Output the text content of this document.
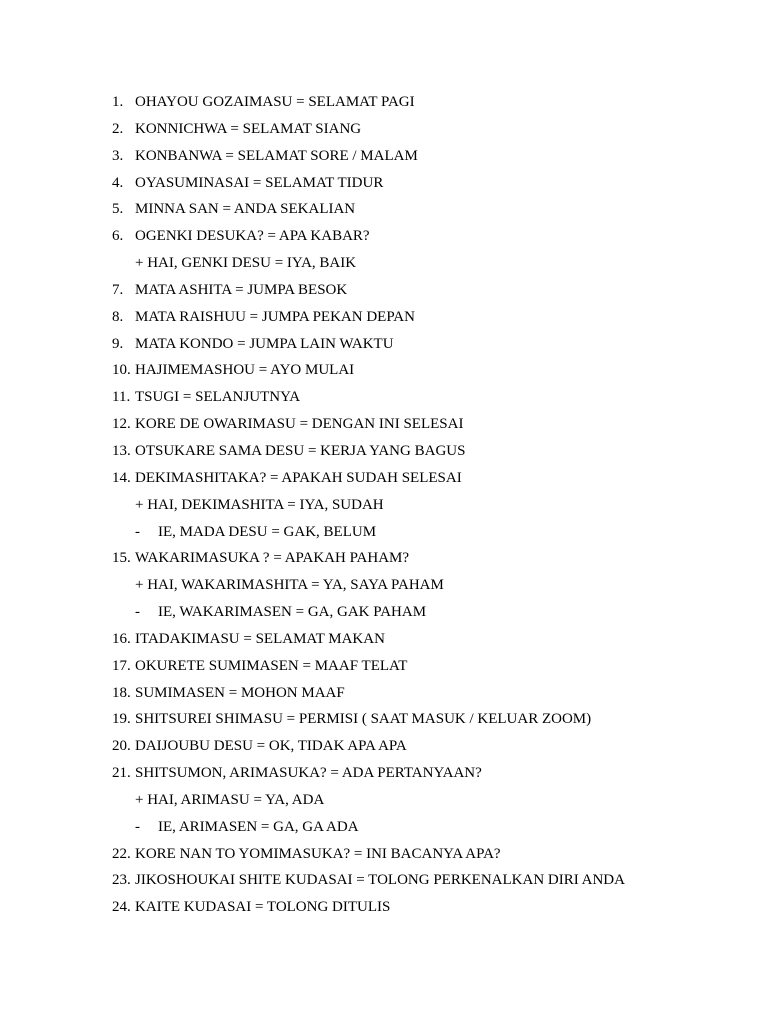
1. OHAYOU GOZAIMASU = SELAMAT PAGI
2. KONNICHWA = SELAMAT SIANG
3. KONBANWA = SELAMAT SORE / MALAM
4. OYASUMINASAI = SELAMAT TIDUR
5. MINNA SAN = ANDA SEKALIAN
6. OGENKI DESUKA? = APA KABAR?
+ HAI, GENKI DESU = IYA, BAIK
7. MATA ASHITA = JUMPA BESOK
8. MATA RAISHUU = JUMPA PEKAN DEPAN
9. MATA KONDO = JUMPA LAIN WAKTU
10. HAJIMEMASHOU = AYO MULAI
11. TSUGI = SELANJUTNYA
12. KORE DE OWARIMASU = DENGAN INI SELESAI
13. OTSUKARE SAMA DESU = KERJA YANG BAGUS
14. DEKIMASHITAKA? = APAKAH SUDAH SELESAI
+ HAI, DEKIMASHITA = IYA, SUDAH
- IE, MADA DESU = GAK, BELUM
15. WAKARIMASUKA ? = APAKAH PAHAM?
+ HAI, WAKARIMASHITA = YA, SAYA PAHAM
- IE, WAKARIMASEN = GA, GAK PAHAM
16. ITADAKIMASU = SELAMAT MAKAN
17. OKURETE SUMIMASEN = MAAF TELAT
18. SUMIMASEN = MOHON MAAF
19. SHITSUREI SHIMASU = PERMISI ( SAAT MASUK / KELUAR ZOOM)
20. DAIJOUBU DESU = OK, TIDAK APA APA
21. SHITSUMON, ARIMASUKA? = ADA PERTANYAAN?
+ HAI, ARIMASU = YA, ADA
- IE, ARIMASEN = GA, GA ADA
22. KORE NAN TO YOMIMASUKA? = INI BACANYA APA?
23. JIKOSHOUKAI SHITE KUDASAI = TOLONG PERKENALKAN DIRI ANDA
24. KAITE KUDASAI = TOLONG DITULIS
